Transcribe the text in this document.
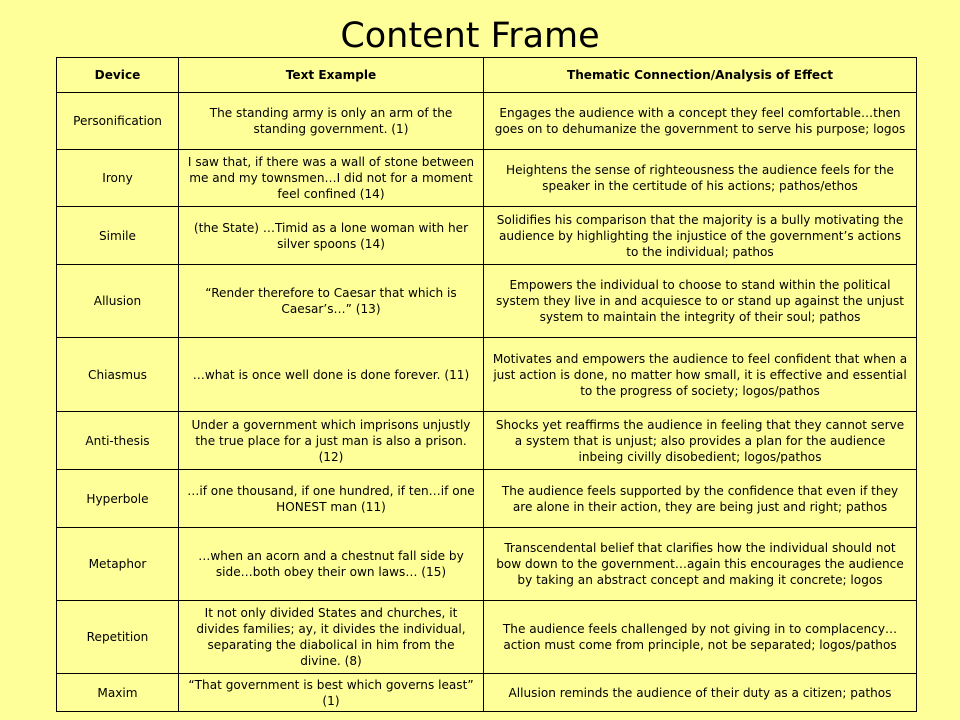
Content Frame
Device	Text Example	Thematic Connection/Analysis of Effect
Personification	The standing army is only an arm of the standing government. (1)	Engages the audience with a concept they feel comfortable…then goes on to dehumanize the government to serve his purpose; logos
Irony	I saw that, if there was a wall of stone between me and my townsmen…I did not for a moment feel confined (14)	Heightens the sense of righteousness the audience feels for the speaker in the certitude of his actions; pathos/ethos
Simile	(the State) …Timid as a lone woman with her silver spoons (14)	Solidifies his comparison that the majority is a bully motivating the audience by highlighting the injustice of the government’s actions to the individual; pathos
Allusion	“Render therefore to Caesar that which is Caesar’s…” (13)	Empowers the individual to choose to stand within the political system they live in and acquiesce to or stand up against the unjust system to maintain the integrity of their soul; pathos
Chiasmus	…what is once well done is done forever. (11)	Motivates and empowers the audience to feel confident that when a just action is done, no matter how small, it is effective and essential to the progress of society; logos/pathos
Anti-thesis	Under a government which imprisons unjustly the true place for a just man is also a prison. (12)	Shocks yet reaffirms the audience in feeling that they cannot serve a system that is unjust; also provides a plan for the audience inbeing civilly disobedient; logos/pathos
Hyperbole	…if one thousand, if one hundred, if ten…if one HONEST man (11)	The audience feels supported by the confidence that even if they are alone in their action, they are being just and right; pathos
Metaphor	…when an acorn and a chestnut fall side by side…both obey their own laws… (15)	Transcendental belief that clarifies how the individual should not bow down to the government…again this encourages the audience by taking an abstract concept and making it concrete; logos
Repetition	It not only divided States and churches, it divides families; ay, it divides the individual, separating the diabolical in him from the divine. (8)	The audience feels challenged by not giving in to complacency…action must come from principle, not be separated; logos/pathos
Maxim	“That government is best which governs least” (1)	Allusion reminds the audience of their duty as a citizen; pathos
